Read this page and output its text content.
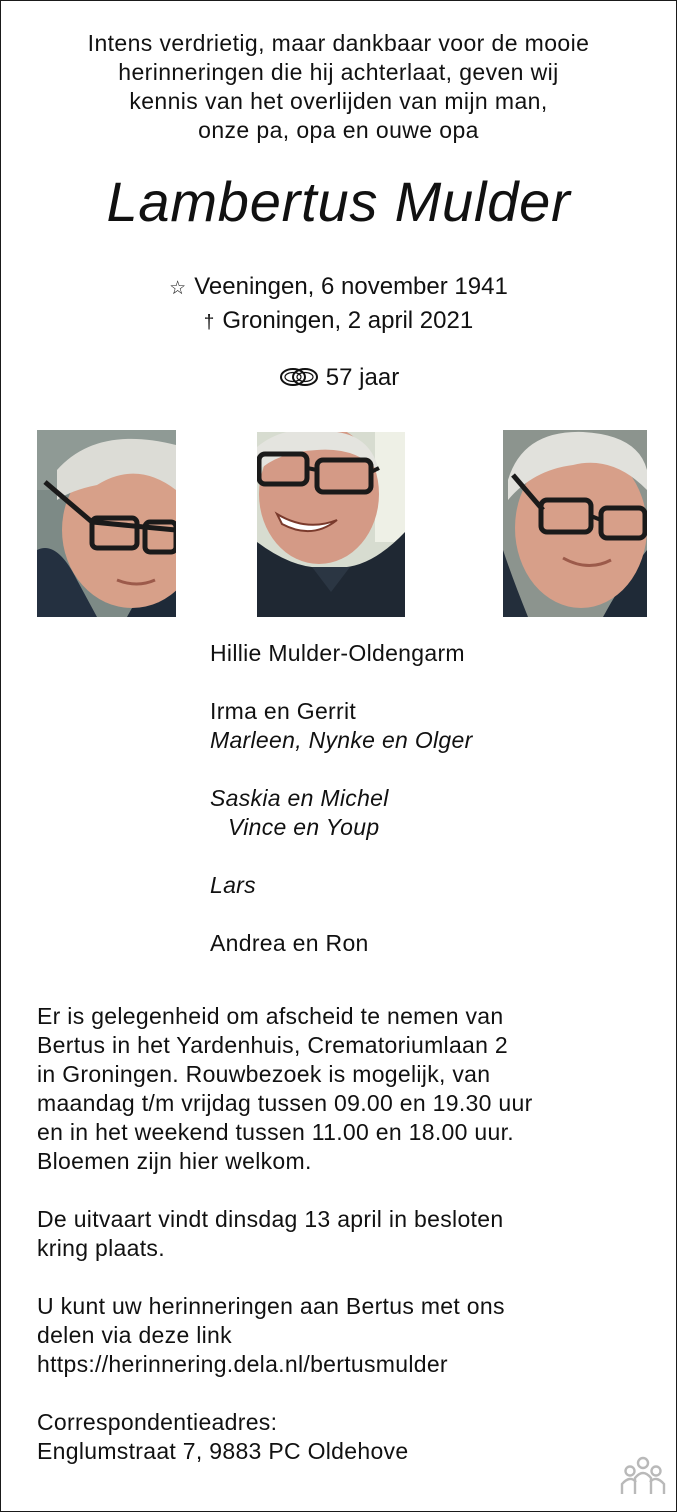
Intens verdrietig, maar dankbaar voor de mooie
herinneringen die hij achterlaat, geven wij
kennis van het overlijden van mijn man,
onze pa, opa en ouwe opa
Lambertus Mulder
☆ Veeningen, 6 november 1941
† Groningen, 2 april 2021
57 jaar
Hillie Mulder-Oldengarm
Irma en Gerrit
Marleen, Nynke en Olger
Saskia en Michel
Vince en Youp
Lars
Andrea en Ron
Er is gelegenheid om afscheid te nemen van
Bertus in het Yardenhuis, Crematoriumlaan 2
in Groningen. Rouwbezoek is mogelijk, van
maandag t/m vrijdag tussen 09.00 en 19.30 uur
en in het weekend tussen 11.00 en 18.00 uur.
Bloemen zijn hier welkom.
De uitvaart vindt dinsdag 13 april in besloten
kring plaats.
U kunt uw herinneringen aan Bertus met ons
delen via deze link
https://herinnering.dela.nl/bertusmulder
Correspondentieadres:
Englumstraat 7, 9883 PC Oldehove
